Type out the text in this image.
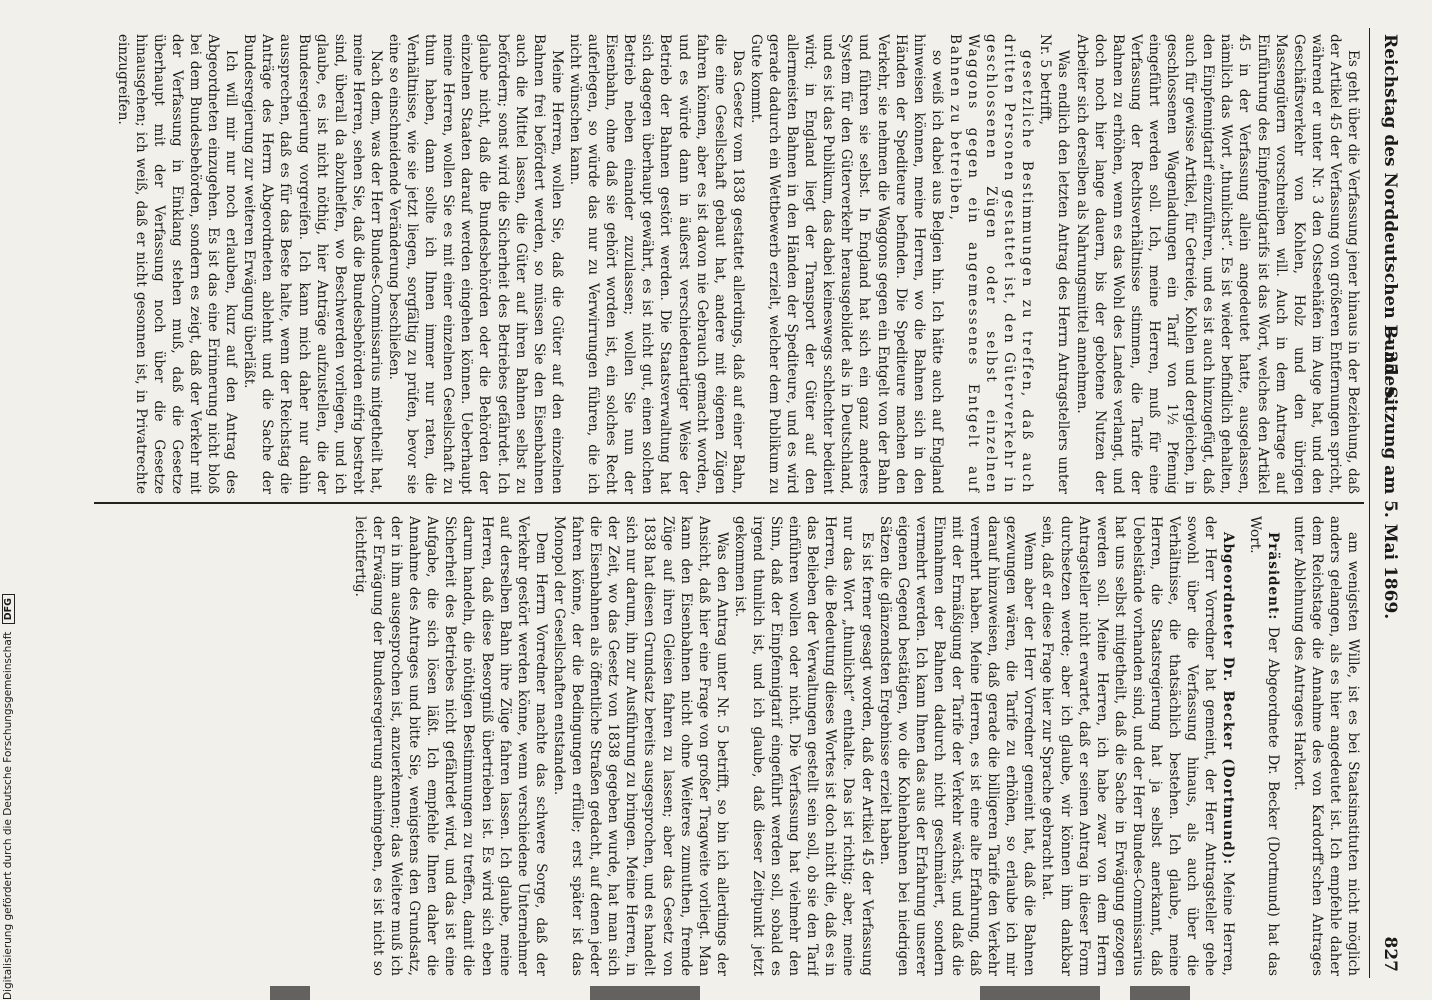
Digitalisierung gefördert durch die Deutsche Forschungsgemeinschaft DFG
Reichstag des Norddeutschen Bundes.
— 35. Sitzung am 5. Mai 1869.
827

Es geht über die Verfassung jener hinaus in der Beziehung, daß der Artikel 45 der Verfassung von größeren Entfernungen spricht, während er unter Nr. 3 den Ostseehäfen im Auge hat, und den Geschäftsverkehr von Kohlen, Holz und den übrigen Massengütern vorschreiben will. Auch in dem Antrage auf Einführung des Einpfennigtarifs ist das Wort, welches den Artikel 45 in der Verfassung allein angedeutet hatte, ausgelassen, nämlich das Wort „thunlichst“. Es ist wieder befindlich gehalten, den Einpfennigtarif einzuführen, und es ist auch hinzugefügt, daß auch für gewisse Artikel, für Getreide, Kohlen und dergleichen, in geschlossenen Wagenladungen ein Tarif von 1½ Pfennig eingeführt werden soll. Ich, meine Herren, muß für eine Verfassung der Rechtsverhältnisse stimmen, die Tarife der Bahnen zu erhöhen, wenn es das Wohl des Landes verlangt, und doch noch hier lange dauern, bis der gebotene Nutzen der Arbeiter sich derselben als Nahrungsmittel annehmen.

Was endlich den letzten Antrag des Herrn Antragstellers unter Nr. 5 betrifft,

gesetzliche Bestimmungen zu treffen, daß auch dritten Personen gestattet ist, den Güterverkehr in geschlossenen Zügen oder selbst einzelnen Waggons gegen ein angemessenes Entgelt auf Bahnen zu betreiben,

so weiß ich dabei aus Belgien hin. Ich hätte auch auf England hinweisen können, meine Herren, wo die Bahnen sich in den Händen der Spediteure befinden. Die Spediteure machen den Verkehr, sie nehmen die Waggons gegen ein Entgelt von der Bahn und führen sie selbst. In England hat sich ein ganz anderes System für den Güterverkehr herausgebildet als in Deutschland, und es ist das Publikum, das dabei keineswegs schlechter bedient wird; in England liegt der Transport der Güter auf den allermeisten Bahnen in den Händen der Spediteure, und es wird gerade dadurch ein Wettbewerb erzielt, welcher dem Publikum zu Gute kommt.

Das Gesetz vom 1838 gestattet allerdings, daß auf einer Bahn, die eine Gesellschaft gebaut hat, andere mit eigenen Zügen fahren können, aber es ist davon nie Gebrauch gemacht worden, und es würde dann in äußerst verschiedenartiger Weise der Betrieb der Bahnen gestört werden. Die Staatsverwaltung hat sich dagegen überhaupt gewährt, es ist nicht gut, einen solchen Betrieb neben einander zuzulassen; wollen Sie nun der Eisenbahn, ohne daß sie gehört worden ist, ein solches Recht auferlegen, so würde das nur zu Verwirrungen führen, die ich nicht wünschen kann.

Meine Herren, wollen Sie, daß die Güter auf den einzelnen Bahnen frei befördert werden, so müssen Sie den Eisenbahnen auch die Mittel lassen, die Güter auf ihren Bahnen selbst zu befördern; sonst wird die Sicherheit des Betriebes gefährdet. Ich glaube nicht, daß die Bundesbehörden oder die Behörden der einzelnen Staaten darauf werden eingehen können. Ueberhaupt meine Herren, wollen Sie es mit einer einzelnen Gesellschaft zu thun haben, dann sollte ich Ihnen immer nur raten, die Verhältnisse, wie sie jetzt liegen, sorgfältig zu prüfen, bevor sie eine so einschneidende Veränderung beschließen.

Nach dem, was der Herr Bundes-Commissarius mitgetheilt hat, meine Herren, sehen Sie, daß die Bundesbehörden eifrig bestrebt sind, überall da abzuhelfen, wo Beschwerden vorliegen, und ich glaube, es ist nicht nöthig, hier Anträge aufzustellen, die der Bundesregierung vorgreifen. Ich kann mich daher nur dahin aussprechen, daß es für das Beste halte, wenn der Reichstag die Anträge des Herrn Abgeordneten ablehnt und die Sache der Bundesregierung zur weiteren Erwägung überläßt.

Ich will mir nur noch erlauben, kurz auf den Antrag des Abgeordneten einzugehen. Es ist das eine Erinnerung nicht bloß bei dem Bundesbehörden, sondern es zeigt, daß der Verkehr mit der Verfassung in Einklang stehen muß, daß die Gesetze überhaupt mit der Verfassung noch über die Gesetze hinausgehen; ich weiß, daß er nicht gesonnen ist, in Privatrechte einzugreifen.

am wenigsten Wille, ist es bei Staatsinstituten nicht möglich anders gelangen, als es hier angedeutet ist. Ich empfehle daher dem Reichstage die Annahme des von Kardorff'schen Antrages unter Ablehnung des Antrages Harkort.

Präsident: Der Abgeordnete Dr. Becker (Dortmund) hat das Wort.

Abgeordneter Dr. Becker (Dortmund): Meine Herren, der Herr Vorredner hat gemeint, der Herr Antragsteller gehe sowohl über die Verfassung hinaus, als auch über die Verhältnisse, die thatsächlich bestehen. Ich glaube, meine Herren, die Staatsregierung hat ja selbst anerkannt, daß Uebelstände vorhanden sind, und der Herr Bundes-Commissarius hat uns selbst mitgetheilt, daß die Sache in Erwägung gezogen werden soll. Meine Herren, ich habe zwar von dem Herrn Antragsteller nicht erwartet, daß er seinen Antrag in dieser Form durchsetzen werde; aber ich glaube, wir können ihm dankbar sein, daß er diese Frage hier zur Sprache gebracht hat.

Wenn aber der Herr Vorredner gemeint hat, daß die Bahnen gezwungen wären, die Tarife zu erhöhen, so erlaube ich mir darauf hinzuweisen, daß gerade die billigeren Tarife den Verkehr vermehrt haben. Meine Herren, es ist eine alte Erfahrung, daß mit der Ermäßigung der Tarife der Verkehr wächst, und daß die Einnahmen der Bahnen dadurch nicht geschmälert, sondern vermehrt werden. Ich kann Ihnen das aus der Erfahrung unserer eigenen Gegend bestätigen, wo die Kohlenbahnen bei niedrigen Sätzen die glänzendsten Ergebnisse erzielt haben.

Es ist ferner gesagt worden, daß der Artikel 45 der Verfassung nur das Wort „thunlichst“ enthalte. Das ist richtig; aber, meine Herren, die Bedeutung dieses Wortes ist doch nicht die, daß es in das Belieben der Verwaltungen gestellt sein soll, ob sie den Tarif einführen wollen oder nicht. Die Verfassung hat vielmehr den Sinn, daß der Einpfennigtarif eingeführt werden soll, sobald es irgend thunlich ist, und ich glaube, daß dieser Zeitpunkt jetzt gekommen ist.

Was den Antrag unter Nr. 5 betrifft, so bin ich allerdings der Ansicht, daß hier eine Frage von großer Tragweite vorliegt. Man kann den Eisenbahnen nicht ohne Weiteres zumuthen, fremde Züge auf ihren Gleisen fahren zu lassen; aber das Gesetz von 1838 hat diesen Grundsatz bereits ausgesprochen, und es handelt sich nur darum, ihn zur Ausführung zu bringen. Meine Herren, in der Zeit, wo das Gesetz von 1838 gegeben wurde, hat man sich die Eisenbahnen als öffentliche Straßen gedacht, auf denen jeder fahren könne, der die Bedingungen erfülle; erst später ist das Monopol der Gesellschaften entstanden.

Dem Herrn Vorredner machte das schwere Sorge, daß der Verkehr gestört werden könne, wenn verschiedene Unternehmer auf derselben Bahn ihre Züge fahren lassen. Ich glaube, meine Herren, daß diese Besorgniß übertrieben ist. Es wird sich eben darum handeln, die nöthigen Bestimmungen zu treffen, damit die Sicherheit des Betriebes nicht gefährdet wird, und das ist eine Aufgabe, die sich lösen läßt. Ich empfehle Ihnen daher die Annahme des Antrages und bitte Sie, wenigstens den Grundsatz, der in ihm ausgesprochen ist, anzuerkennen; das Weitere muß ich der Erwägung der Bundesregierung anheimgeben, es ist nicht so leichtfertig.
